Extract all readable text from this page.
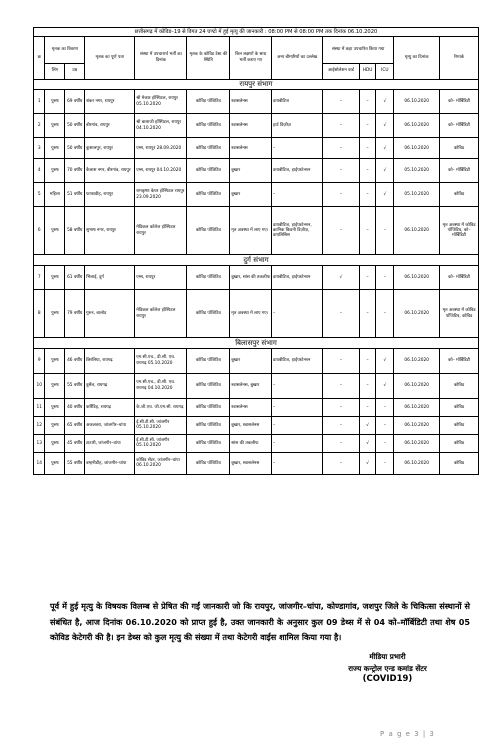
छत्तीसगढ़ में कोविड–19 से विगत 24 घण्टो में हुई मृत्यु की जानकारी : 08:00 PM से 08:00 PM तक दिनांक 06.10.2020												
क्र	मृतक का विवरण		मृतक का पूर्ण पता	संस्था में उपचारार्थ भर्ती का दिनांक	मृतक के कोविड टेस्ट की स्थिति	किन लक्षणों के साथ भर्ती कराए गए	अन्य बीमारियों का उल्लेख	संस्था में कहा उपचारित किया गया			मृत्यु का दिनांक	रिमार्क
	लिंग	उम्र						आईसोलेशन वार्ड	HDU	ICU		
रायपुर संभाग												
1	पुरुष	69 वर्षीय	शंकर नगर, रायपुर	श्री मेकार हॉस्पिटल, रायपुर 05.10.2020	कोविड पॉजिटिव	श्वासलेनस	डायबीटिज	–	–	√	06.10.2020	को– मॉर्बिडिटी
2	पुरुष	50 वर्षीय	बीरगांव, रायपुर	श्री बालाजी हॉस्पिटल, रायपुर 04.10.2020	कोविड पॉजिटिव	श्वासलेनस	हार्ट डिज़ीज़	–	–	√	06.10.2020	को– मॉर्बिडिटी
3	पुरुष	50 वर्षीय	कुशालपुर, रायपुर	एम्स, रायपुर 28.09.2020	कोविड पॉजिटिव	श्वासलेनस	–	–	–	√	06.10.2020	कोविड
4	पुरुष	70 वर्षीय	कैलाश नगर, बीरगांव, रायपुर	एम्स, रायपुर 04.10.2020	कोविड पॉजिटिव	बुखार	डायबीटिज, हाईपरटेन्शन	–	–	√	05.10.2020	को– मॉर्बिडिटी
5	महिला	51 वर्षीय	फाफाडीह, रायपुर	रामकृष्ण केयर हॉस्पिटल रायपुर 23.09.2020	कोविड पॉजिटिव	बुखार	–	–	–	√	05.10.2020	कोविड
6	पुरुष	58 वर्षीय	सुभाष नगर, रायपुर	मेडिकल कॉलेज हॉस्पिटल रायपुर	कोविड पॉजिटिव	मृत अवस्था में लाए गए।	डायबीटिज, हाईपरटेन्शन, क्रानिक किडनी डिज़ीज़, डायलिसिस	–	–	–	06.10.2020	मृत अवस्था में कोविड पॉजिटिव, को– मॉर्बिडिटी
दुर्ग संभाग												
7	पुरुष	61 वर्षीय	भिलाई, दुर्ग	एम्स, रायपुर	कोविड पॉजिटिव	बुखार, सांस की तकलीफ	डायबीटिज, हाईपरटेन्शन	√	–	–	06.10.2020	को– मॉर्बिडिटी
8	पुरुष	79 वर्षीय	गुरूर, बालोद	मेडिकल कॉलेज हॉस्पिटल रायपुर	कोविड पॉजिटिव	मृत अवस्था में लाए गए।	–	–	–	–	06.10.2020	मृत अवस्था में कोविड पॉजिटिव, कोविड
बिलासपुर संभाग												
9	पुरुष	46 वर्षीय	छिरलिया, रायगढ़	एम.सी.एच., डी.सी. एच. रायगढ़ 05.10.2020	कोविड पॉजिटिव	बुखार	डायबीटिज, हाईपरटेन्शन	–	–	√	06.10.2020	को– मॉर्बिडिटी
10	पुरुष	55 वर्षीय	दुर्सेल, रायगढ़	एम.सी.एच., डी.सी. एच. रायगढ़ 04.10.2020	कोविड पॉजिटिव	श्वासलेनस, बुखार	–	–	–	√	06.10.2020	कोविड
11	पुरुष	40 वर्षीय	कर्रिडिह, रायगढ़	के.जी.एच. जी.एम.सी. रायगढ़	कोविड पॉजिटिव	श्वासलेनस	–	–	–	–	06.10.2020	कोविड
12	पुरुष	65 वर्षीय	अकलतरा, जांजगीर–चांपा	ई.सी.टी.सी. जांजगीर 05.10.2020	कोविड पॉजिटिव	बुखार, श्वासलेनस	–	–	√	–	06.10.2020	कोविड
13	पुरुष	45 वर्षीय	टाटारी, जांजगीर–चांपा	ई.सी.टी.सी. जांजगीर 05.10.2020	कोविड पॉजिटिव	सांस की तकलीफ	–	–	√	–	06.10.2020	कोविड
14	पुरुष	55 वर्षीय	बम्हनीडीह, जांजगीर–चांपा	कोविड सेंटर, जांजगीर–चांपा 06.10.2020	कोविड पॉजिटिव	बुखार, श्वासलेनस	–	–	√	–	06.10.2020	कोविड
पूर्व में हुई मृत्यु के विषयक विलम्ब से प्रेषित की गईं जानकारी जो कि रायपुर, जांजगीर–चांपा, कोण्डागांव, जशपुर जिले के चिकित्सा संस्थानों से संबंधित है, आज दिनांक 06.10.2020 को प्राप्त हुई है, उक्त जानकारी के अनुसार कुल 09 डेथ्स में से 04 को–मॉर्बिडिटी तथा शेष 05 कोविड केटेगरी की है। इन डेथ्स को कुल मृत्यु की संख्या में तथा केटेगरी वाईस शामिल किया गया है।
मीडिया प्रभारी
राज्य कन्ट्रोल एन्ड कमांड सेंटर
(COVID19)
P a g e 3 | 3
